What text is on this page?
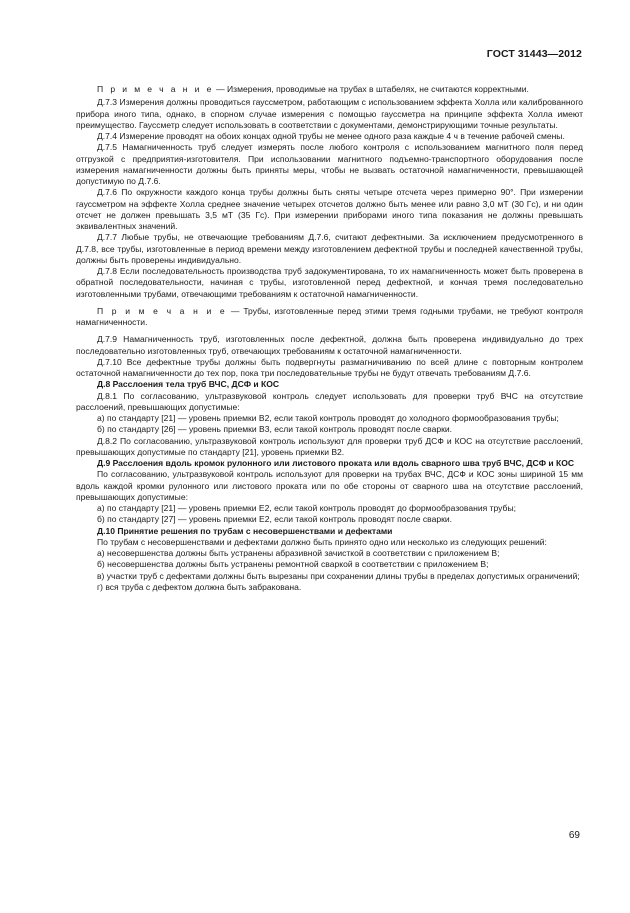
ГОСТ 31443—2012

П р и м е ч а н и е — Измерения, проводимые на трубах в штабелях, не считаются корректными.

Д.7.3 Измерения должны проводиться гауссметром, работающим с использованием эффекта Холла или калиброванного прибора иного типа, однако, в спорном случае измерения с помощью гауссметра на принципе эффекта Холла имеют преимущество. Гауссметр следует использовать в соответствии с документами, демонстрирующими точные результаты.

Д.7.4 Измерение проводят на обоих концах одной трубы не менее одного раза каждые 4 ч в течение рабочей смены.

Д.7.5 Намагниченность труб следует измерять после любого контроля с использованием магнитного поля перед отгрузкой с предприятия-изготовителя. При использовании магнитного подъемно-транспортного оборудования после измерения намагниченности должны быть приняты меры, чтобы не вызвать остаточной намагниченности, превышающей допустимую по Д.7.6.

Д.7.6 По окружности каждого конца трубы должны быть сняты четыре отсчета через примерно 90°. При измерении гауссметром на эффекте Холла среднее значение четырех отсчетов должно быть менее или равно 3,0 мТ (30 Гс), и ни один отсчет не должен превышать 3,5 мТ (35 Гс). При измерении приборами иного типа показания не должны превышать эквивалентных значений.

Д.7.7 Любые трубы, не отвечающие требованиям Д.7.6, считают дефектными. За исключением предусмотренного в Д.7.8, все трубы, изготовленные в период времени между изготовлением дефектной трубы и последней качественной трубы, должны быть проверены индивидуально.

Д.7.8 Если последовательность производства труб задокументирована, то их намагниченность может быть проверена в обратной последовательности, начиная с трубы, изготовленной перед дефектной, и кончая тремя последовательно изготовленными трубами, отвечающими требованиям к остаточной намагниченности.

П р и м е ч а н и е — Трубы, изготовленные перед этими тремя годными трубами, не требуют контроля намагниченности.

Д.7.9 Намагниченность труб, изготовленных после дефектной, должна быть проверена индивидуально до трех последовательно изготовленных труб, отвечающих требованиям к остаточной намагниченности.

Д.7.10 Все дефектные трубы должны быть подвергнуты размагничиванию по всей длине с повторным контролем остаточной намагниченности до тех пор, пока три последовательные трубы не будут отвечать требованиям Д.7.6.

Д.8 Расслоения тела труб ВЧС, ДСФ и КОС

Д.8.1 По согласованию, ультразвуковой контроль следует использовать для проверки труб ВЧС на отсутствие расслоений, превышающих допустимые:

а) по стандарту [21] — уровень приемки В2, если такой контроль проводят до холодного формообразования трубы;

б) по стандарту [26] — уровень приемки В3, если такой контроль проводят после сварки.

Д.8.2 По согласованию, ультразвуковой контроль используют для проверки труб ДСФ и КОС на отсутствие расслоений, превышающих допустимые по стандарту [21], уровень приемки В2.

Д.9 Расслоения вдоль кромок рулонного или листового проката или вдоль сварного шва труб ВЧС, ДСФ и КОС

По согласованию, ультразвуковой контроль используют для проверки на трубах ВЧС, ДСФ и КОС зоны шириной 15 мм вдоль каждой кромки рулонного или листового проката или по обе стороны от сварного шва на отсутствие расслоений, превышающих допустимые:

а) по стандарту [21] — уровень приемки Е2, если такой контроль проводят до формообразования трубы;

б) по стандарту [27] — уровень приемки Е2, если такой контроль проводят после сварки.

Д.10 Принятие решения по трубам с несовершенствами и дефектами

По трубам с несовершенствами и дефектами должно быть принято одно или несколько из следующих решений:

а) несовершенства должны быть устранены абразивной зачисткой в соответствии с приложением В;

б) несовершенства должны быть устранены ремонтной сваркой в соответствии с приложением В;

в) участки труб с дефектами должны быть вырезаны при сохранении длины трубы в пределах допустимых ограничений;

г) вся труба с дефектом должна быть забракована.

69
